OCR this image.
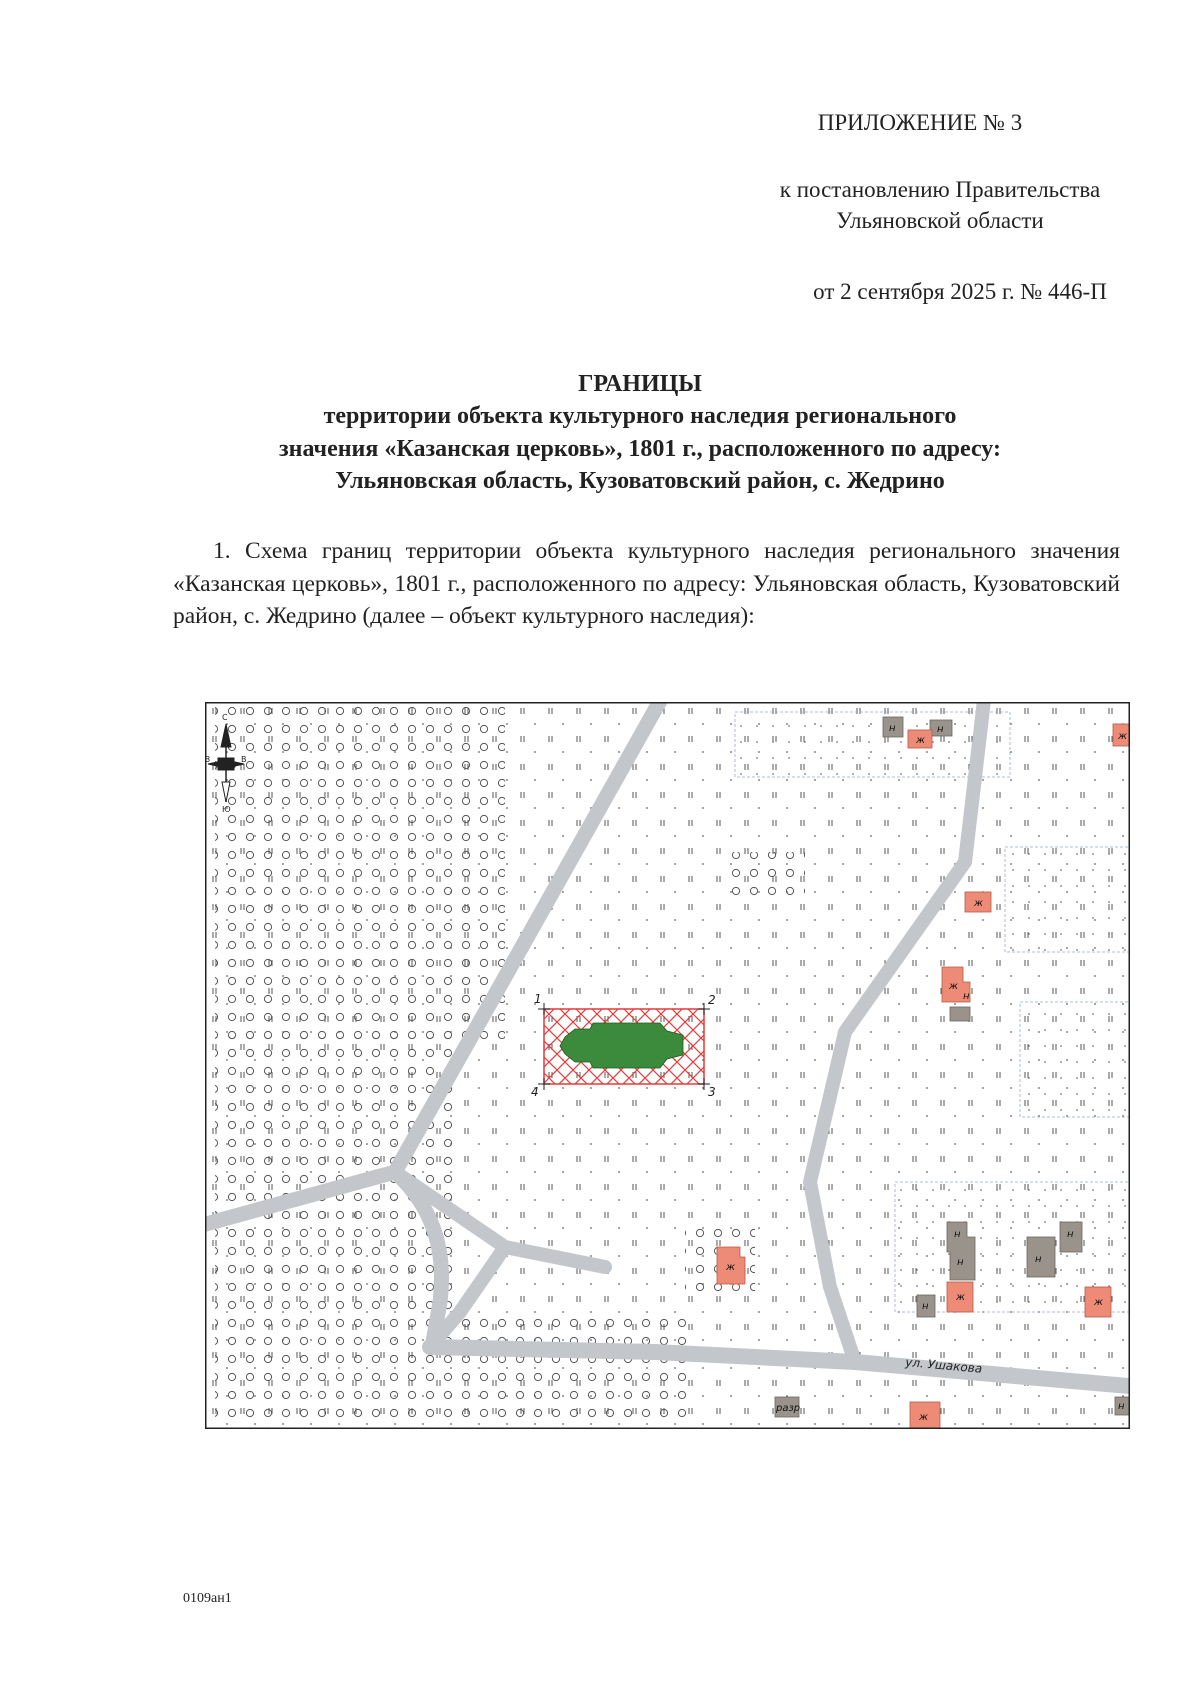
ПРИЛОЖЕНИЕ № 3
к постановлению Правительства
Ульяновской области
от 2 сентября 2025 г. № 446-П
ГРАНИЦЫ
территории объекта культурного наследия регионального
значения «Казанская церковь», 1801 г., расположенного по адресу:
Ульяновская область, Кузоватовский район, с. Жедрино

1. Схема границ территории объекта культурного наследия регионального значения «Казанская церковь», 1801 г., расположенного по адресу: Ульяновская область, Кузоватовский район, с. Жедрино (далее – объект культурного наследия):

1	2
3
4
н	н
ж	ж
ж
ж
н
ж
н
н
н
н
ж	ж
н
разр
ж
н
ул. Ушакова
С
З	В
Ю
0109ан1
